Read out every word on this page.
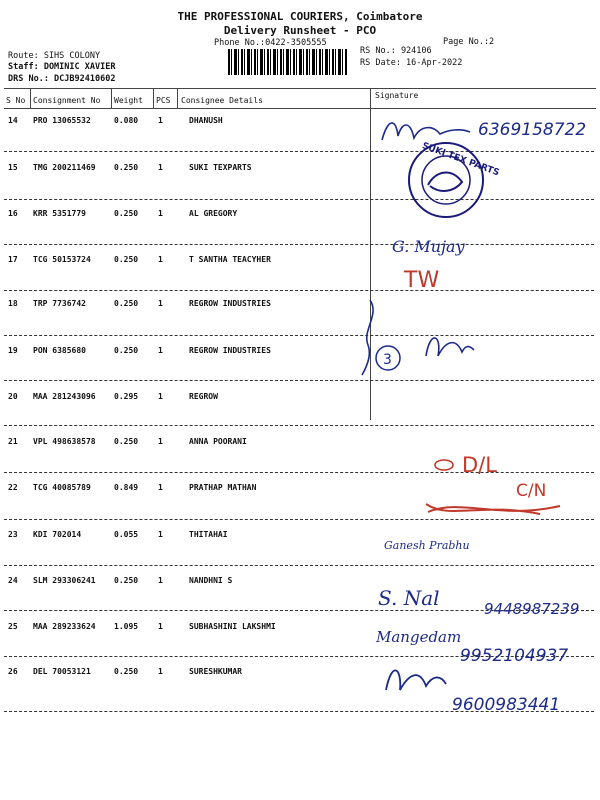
THE PROFESSIONAL COURIERS, Coimbatore
Delivery Runsheet - PCO
Phone No.:0422-3505555	Page No.:2
Route: SIHS COLONY
Staff: DOMINIC XAVIER
DRS No.: DCJB92410602
RS No.: 924106
RS Date: 16-Apr-2022
S No Consignment No Weight PCS Consignee Details
Signature
14 PRO 13065532	0.080 1	DHANUSH
15 TMG 200211469 0.250 1	SUKI TEXPARTS
16 KRR 5351779	0.250 1	AL GREGORY
17 TCG 50153724	0.250 1	T SANTHA TEACYHER
18 TRP 7736742	0.250 1	REGROW INDUSTRIES
19 PON 6385680	0.250 1	REGROW INDUSTRIES
20 MAA 281243096 0.295 1	REGROW
21 VPL 498638578 0.250 1	ANNA POORANI
22 TCG 40085789	0.849 1	PRATHAP MATHAN
23 KDI 702014	0.055 1	THITAHAI
24 SLM 293306241 0.250 1	NANDHNI S
25 MAA 289233624 1.095 1	SUBHASHINI LAKSHMI
26 DEL 70053121	0.250 1	SURESHKUMAR
6369158722
SUKI TEX PARTS
G. Mujay
TW
3
D/L
C/N
Ganesh Prabhu
S. Nal	9448987239
Mangedam
9952104937
9600983441
